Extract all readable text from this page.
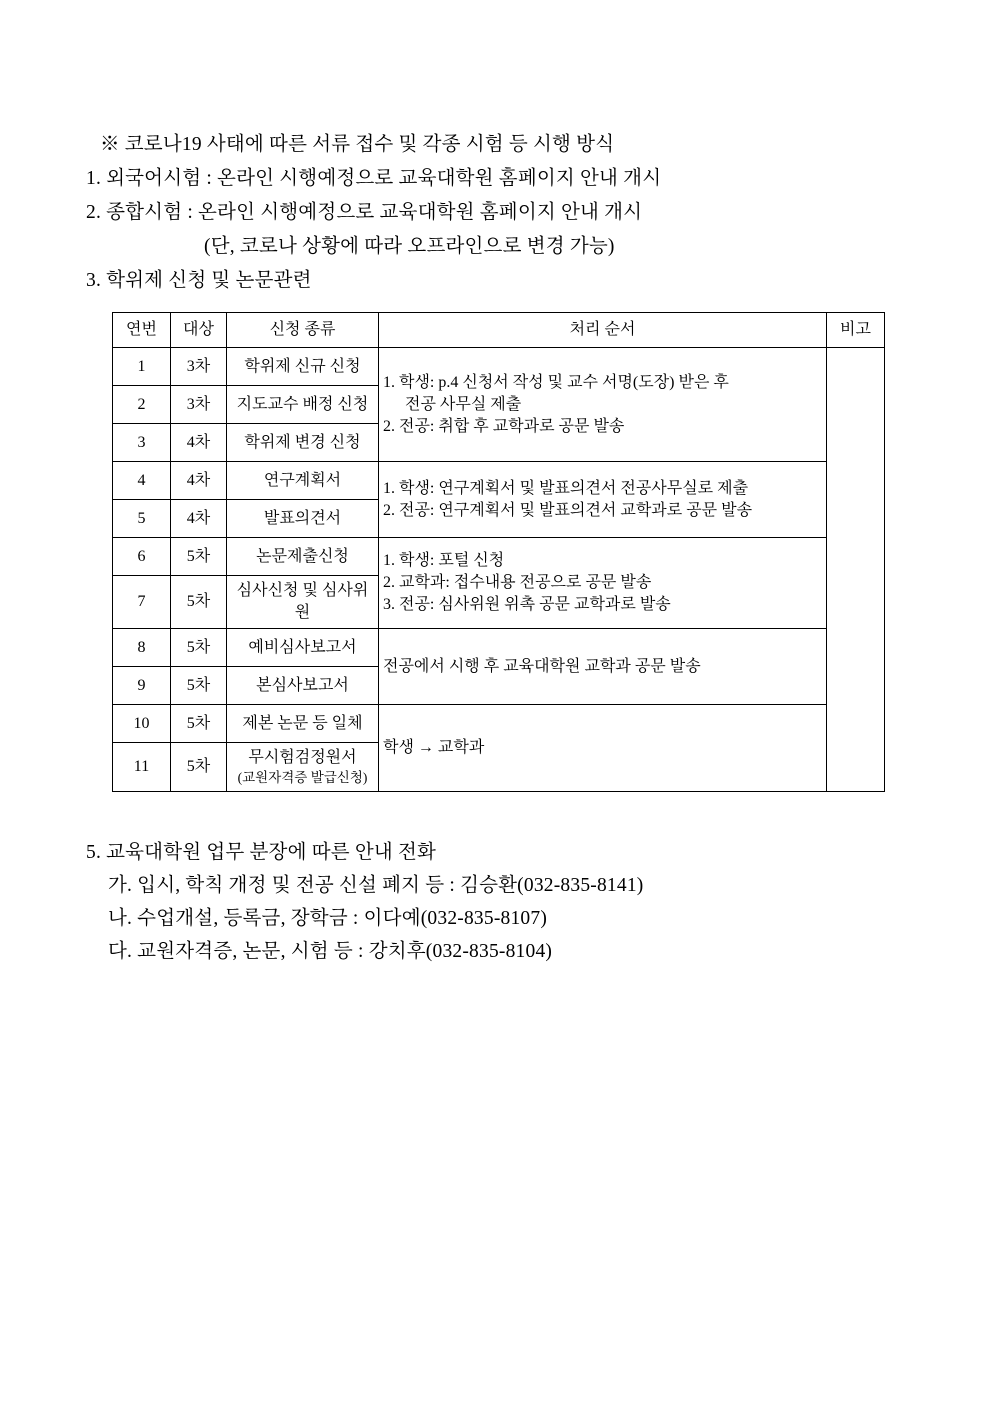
※ 코로나19 사태에 따른 서류 접수 및 각종 시험 등 시행 방식
1. 외국어시험 : 온라인 시행예정으로 교육대학원 홈페이지 안내 개시
2. 종합시험 : 온라인 시행예정으로 교육대학원 홈페이지 안내 개시
(단, 코로나 상황에 따라 오프라인으로 변경 가능)
3. 학위제 신청 및 논문관련
연번	대상	신청 종류	처리 순서	비고
1	3차	학위제 신규 신청	1. 학생: p.4 신청서 작성 및 교수 서명(도장) 받은 후
전공 사무실 제출
2. 전공: 취합 후 교학과로 공문 발송	

2	3차	지도교수 배정 신청		
3	4차	학위제 변경 신청		
4	4차	연구계획서	1. 학생: 연구계획서 및 발표의견서 전공사무실로 제출
2. 전공: 연구계획서 및 발표의견서 교학과로 공문 발송	

5	4차	발표의견서		
6	5차	논문제출신청	1. 학생: 포털 신청
2. 교학과: 접수내용 전공으로 공문 발송
3. 전공: 심사위원 위촉 공문 교학과로 발송	

7	5차	심사신청 및 심사위원		
8	5차	예비심사보고서	전공에서 시행 후 교육대학원 교학과 공문 발송	

9	5차	본심사보고서		
10	5차	제본 논문 등 일체	학생 → 교학과	

11	5차	무시험검정원서
(교원자격증 발급신청)		
5. 교육대학원 업무 분장에 따른 안내 전화
가. 입시, 학칙 개정 및 전공 신설 폐지 등 : 김승환(032-835-8141)
나. 수업개설, 등록금, 장학금 : 이다예(032-835-8107)
다. 교원자격증, 논문, 시험 등 : 강치후(032-835-8104)
